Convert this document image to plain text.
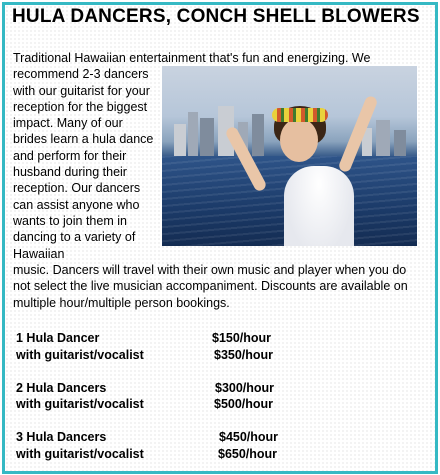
HULA DANCERS, CONCH SHELL BLOWERS
Traditional Hawaiian entertainment that's fun and energizing. We
recommend 2-3 dancers with our guitarist for your reception for the biggest impact. Many of our brides learn a hula dance and perform for their husband during their reception. Our dancers can assist anyone who wants to join them in dancing to a variety of Hawaiian
music. Dancers will travel with their own music and player when you do not select the live musician accompaniment. Discounts are available on multiple hour/multiple person bookings.
1 Hula Dancer	$150/hour
with guitarist/vocalist	$350/hour
2 Hula Dancers	$300/hour
with guitarist/vocalist	$500/hour
3 Hula Dancers	$450/hour
with guitarist/vocalist	$650/hour
